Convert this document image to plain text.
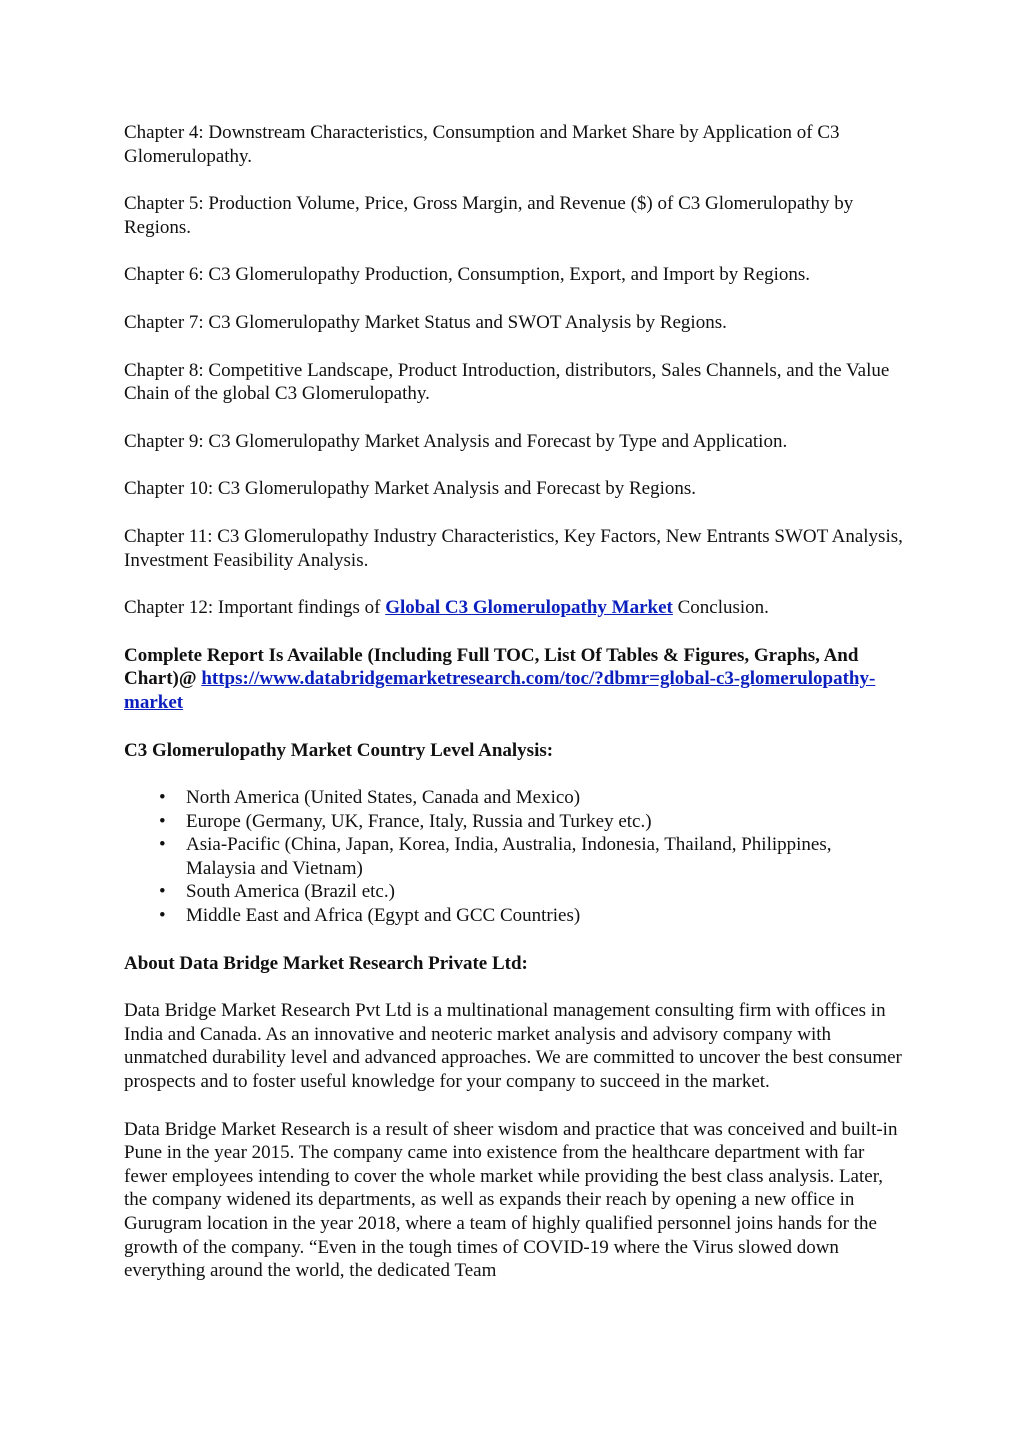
Chapter 4: Downstream Characteristics, Consumption and Market Share by Application of C3 Glomerulopathy.

Chapter 5: Production Volume, Price, Gross Margin, and Revenue ($) of C3 Glomerulopathy by Regions.

Chapter 6: C3 Glomerulopathy Production, Consumption, Export, and Import by Regions.

Chapter 7: C3 Glomerulopathy Market Status and SWOT Analysis by Regions.

Chapter 8: Competitive Landscape, Product Introduction, distributors, Sales Channels, and the Value Chain of the global C3 Glomerulopathy.

Chapter 9: C3 Glomerulopathy Market Analysis and Forecast by Type and Application.

Chapter 10: C3 Glomerulopathy Market Analysis and Forecast by Regions.

Chapter 11: C3 Glomerulopathy Industry Characteristics, Key Factors, New Entrants SWOT Analysis, Investment Feasibility Analysis.

Chapter 12: Important findings of Global C3 Glomerulopathy Market Conclusion.

Complete Report Is Available (Including Full TOC, List Of Tables & Figures, Graphs, And Chart)@ https://www.databridgemarketresearch.com/toc/?dbmr=global-c3-glomerulopathy-market

C3 Glomerulopathy Market Country Level Analysis:

• North America (United States, Canada and Mexico)
• Europe (Germany, UK, France, Italy, Russia and Turkey etc.)
• Asia-Pacific (China, Japan, Korea, India, Australia, Indonesia, Thailand, Philippines, Malaysia and Vietnam)
• South America (Brazil etc.)
• Middle East and Africa (Egypt and GCC Countries)

About Data Bridge Market Research Private Ltd:

Data Bridge Market Research Pvt Ltd is a multinational management consulting firm with offices in India and Canada. As an innovative and neoteric market analysis and advisory company with unmatched durability level and advanced approaches. We are committed to uncover the best consumer prospects and to foster useful knowledge for your company to succeed in the market.

Data Bridge Market Research is a result of sheer wisdom and practice that was conceived and built-in Pune in the year 2015. The company came into existence from the healthcare department with far fewer employees intending to cover the whole market while providing the best class analysis. Later, the company widened its departments, as well as expands their reach by opening a new office in Gurugram location in the year 2018, where a team of highly qualified personnel joins hands for the growth of the company. “Even in the tough times of COVID-19 where the Virus slowed down everything around the world, the dedicated Team
